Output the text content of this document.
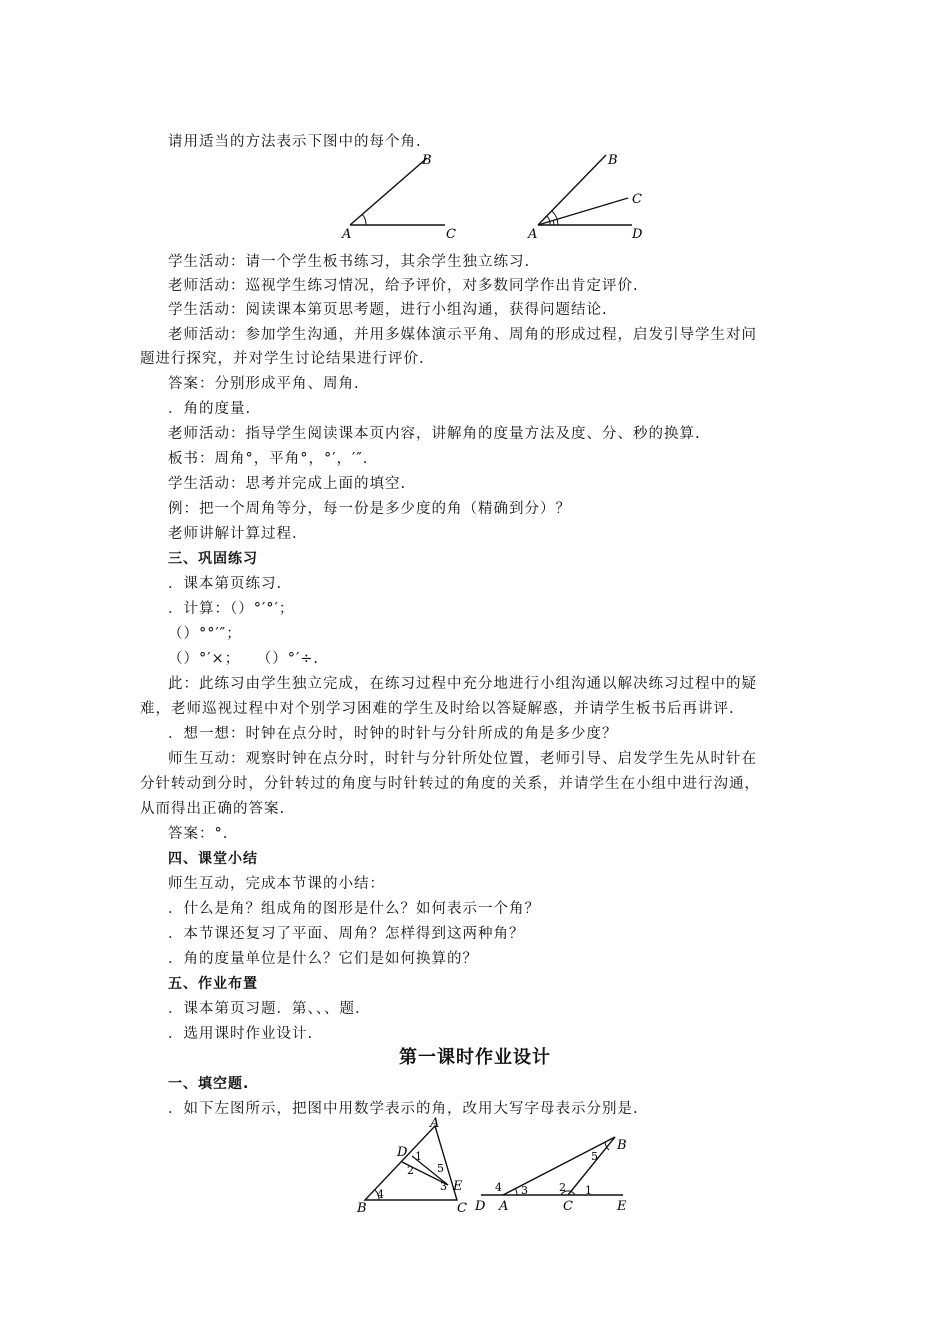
请用适当的方法表示下图中的每个角.
A
B
C	A
B
C
D
学生活动：请一个学生板书练习，其余学生独立练习.
老师活动：巡视学生练习情况，给予评价，对多数同学作出肯定评价.
学生活动：阅读课本第页思考题，进行小组沟通，获得问题结论.
老师活动：参加学生沟通，并用多媒体演示平角、周角的形成过程，启发引导学生对问
题进行探究，并对学生讨论结果进行评价.
答案：分别形成平角、周角.
．角的度量.
老师活动：指导学生阅读课本页内容，讲解角的度量方法及度、分、秒的换算.
板书：周角°，平角°，°′，′″.
学生活动：思考并完成上面的填空.
例：把一个周角等分，每一份是多少度的角（精确到分）？
老师讲解计算过程.
三、巩固练习
．课本第页练习.
．计算：（）°′°′；
（）°°′″；
（）°′×；　　（）°′÷.
此：此练习由学生独立完成，在练习过程中充分地进行小组沟通以解决练习过程中的疑
难，老师巡视过程中对个别学习困难的学生及时给以答疑解惑，并请学生板书后再讲评.
．想一想：时钟在点分时，时钟的时针与分针所成的角是多少度？
师生互动：观察时钟在点分时，时针与分针所处位置，老师引导、启发学生先从时针在
分针转动到分时，分针转过的角度与时针转过的角度的关系，并请学生在小组中进行沟通，
从而得出正确的答案.
答案：°.
四、课堂小结
师生互动，完成本节课的小结：
．什么是角？组成角的图形是什么？如何表示一个角？
．本节课还复习了平面、周角？怎样得到这两种角？
．角的度量单位是什么？它们是如何换算的？
五、作业布置
．课本第页习题．第、、、题.
．选用课时作业设计.
第一课时作业设计
一、填空题.
．如下左图所示，把图中用数学表示的角，改用大写字母表示分别是.
A
B	C
D
E
1
2
3
4
5
D A	C	E
B
1
2
3
4
5
